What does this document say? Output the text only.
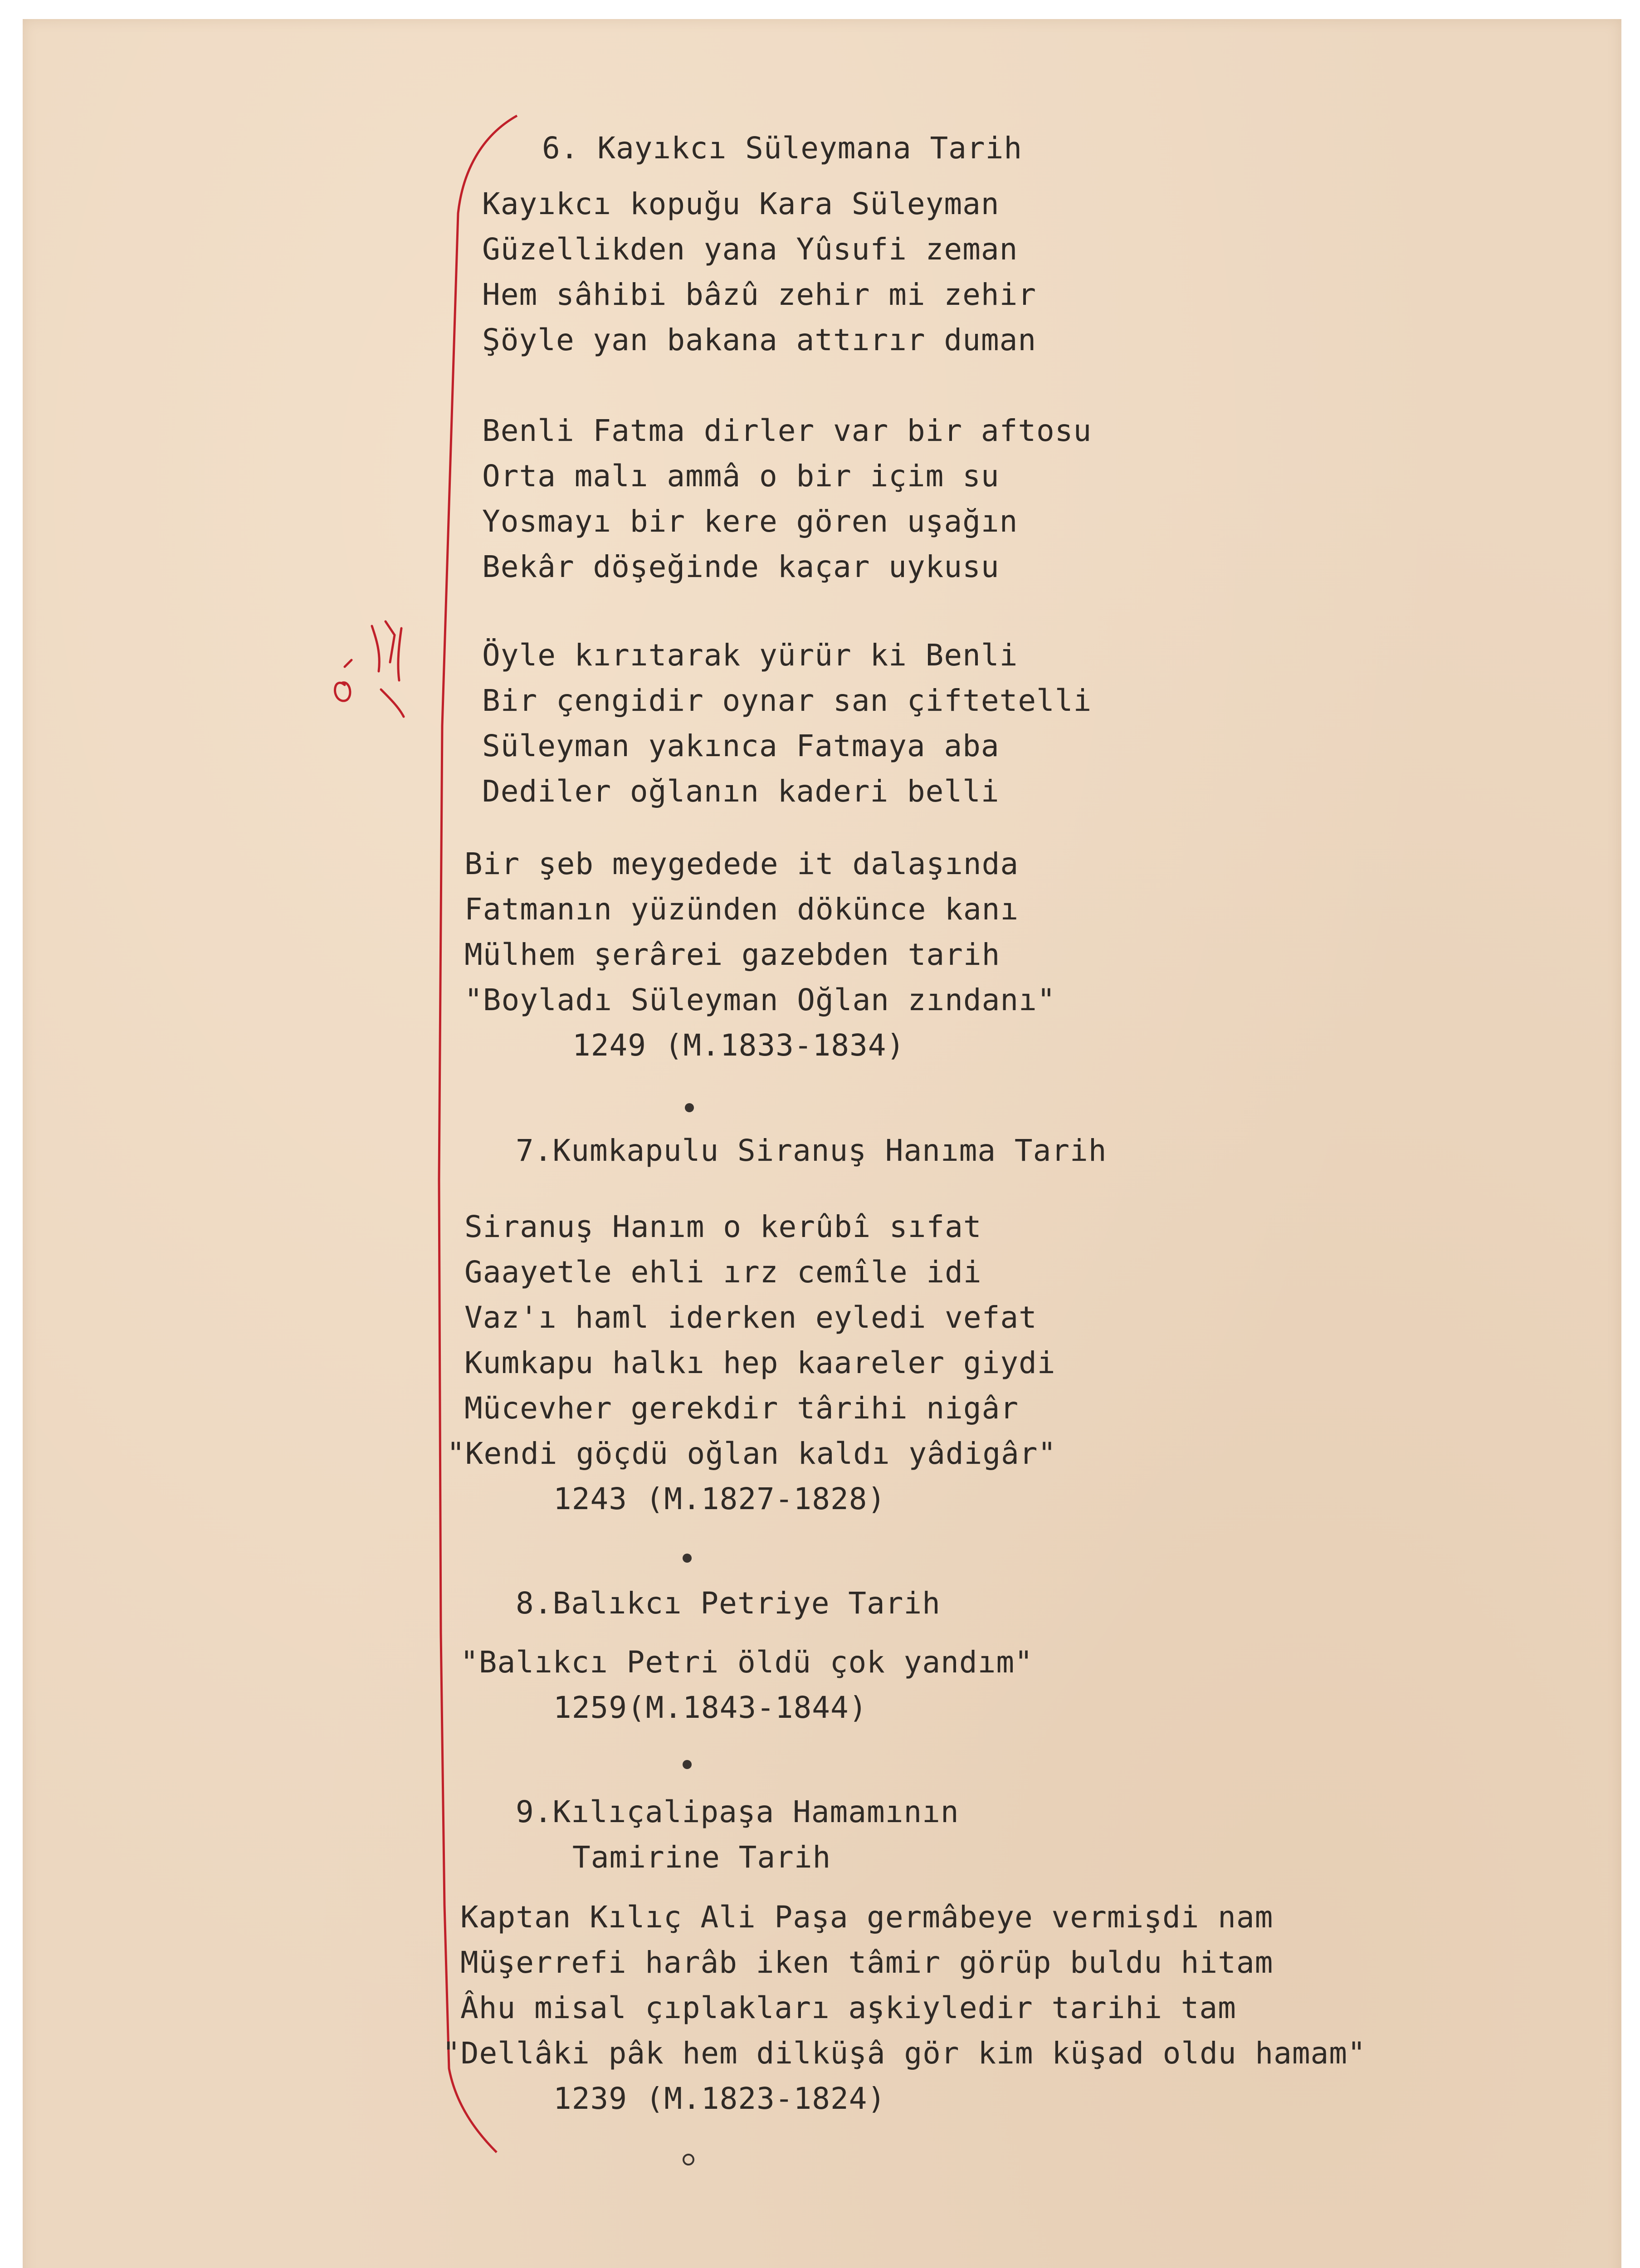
6. Kayıkcı Süleymana Tarih
Kayıkcı kopuğu Kara Süleyman
Güzellikden yana Yûsufi zeman
Hem sâhibi bâzû zehir mi zehir
Şöyle yan bakana attırır duman
Benli Fatma dirler var bir aftosu
Orta malı ammâ o bir içim su
Yosmayı bir kere gören uşağın
Bekâr döşeğinde kaçar uykusu
Öyle kırıtarak yürür ki Benli
Bir çengidir oynar san çiftetelli
Süleyman yakınca Fatmaya aba
Dediler oğlanın kaderi belli
Bir şeb meygedede it dalaşında
Fatmanın yüzünden dökünce kanı
Mülhem şerârei gazebden tarih
"Boyladı Süleyman Oğlan zındanı"
1249 (M.1833-1834)
7.Kumkapulu Siranuş Hanıma Tarih
Siranuş Hanım o kerûbî sıfat
Gaayetle ehli ırz cemîle idi
Vaz'ı haml iderken eyledi vefat
Kumkapu halkı hep kaareler giydi
Mücevher gerekdir târihi nigâr
"Kendi göçdü oğlan kaldı yâdigâr"
1243 (M.1827-1828)
8.Balıkcı Petriye Tarih
"Balıkcı Petri öldü çok yandım"
1259(M.1843-1844)
9.Kılıçalipaşa Hamamının
Tamirine Tarih
Kaptan Kılıç Ali Paşa germâbeye vermişdi nam
Müşerrefi harâb iken tâmir görüp buldu hitam
Âhu misal çıplakları aşkiyledir tarihi tam
"Dellâki pâk hem dilküşâ gör kim küşad oldu hamam"
1239 (M.1823-1824)
